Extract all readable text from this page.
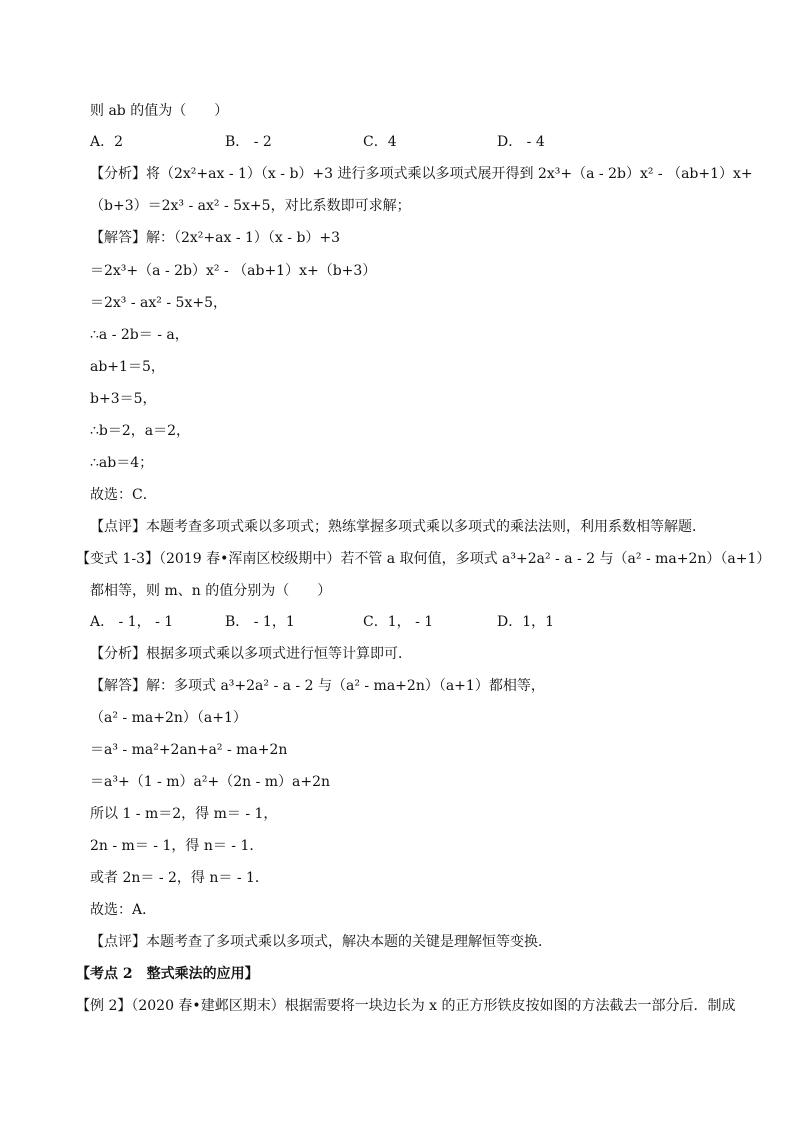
则 ab 的值为（　　）
A．2	B． - 2	C．4	D． - 4
【分析】将（2x²+ax - 1）（x - b）+3 进行多项式乘以多项式展开得到 2x³+（a - 2b）x² - （ab+1）x+
（b+3）＝2x³ - ax² - 5x+5，对比系数即可求解；
【解答】解：（2x²+ax - 1）（x - b）+3
＝2x³+（a - 2b）x² - （ab+1）x+（b+3）
＝2x³ - ax² - 5x+5，
∴a - 2b＝ - a，
ab+1＝5，
b+3＝5，
∴b＝2，a＝2，
∴ab＝4；
故选：C．
【点评】本题考查多项式乘以多项式；熟练掌握多项式乘以多项式的乘法法则，利用系数相等解题．
【变式 1-3】（2019 春•浑南区校级期中）若不管 a 取何值，多项式 a³+2a² - a - 2 与（a² - ma+2n）（a+1）
都相等，则 m、n 的值分别为（　　）
A． - 1， - 1	B． - 1，1	C．1， - 1	D．1，1
【分析】根据多项式乘以多项式进行恒等计算即可．
【解答】解：多项式 a³+2a² - a - 2 与（a² - ma+2n）（a+1）都相等，
（a² - ma+2n）（a+1）
＝a³ - ma²+2an+a² - ma+2n
＝a³+（1 - m）a²+（2n - m）a+2n
所以 1 - m＝2，得 m＝ - 1，
2n - m＝ - 1，得 n＝ - 1．
或者 2n＝ - 2，得 n＝ - 1．
故选：A．
【点评】本题考查了多项式乘以多项式，解决本题的关键是理解恒等变换．
【考点 2　整式乘法的应用】
【例 2】（2020 春•建邺区期末）根据需要将一块边长为 x 的正方形铁皮按如图的方法截去一部分后．制成
